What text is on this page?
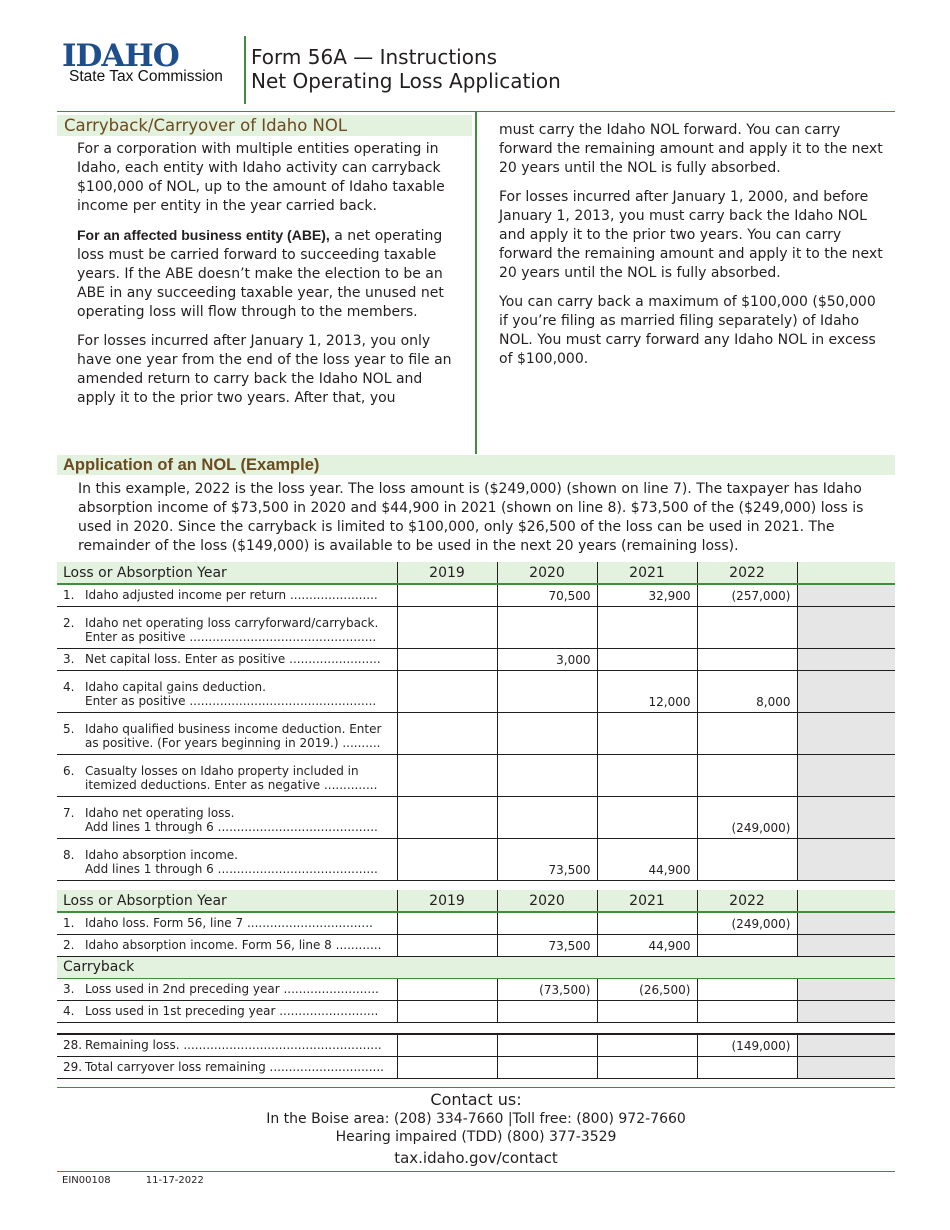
IDAHO
State Tax Commission
Form 56A — Instructions
Net Operating Loss Application
Carryback/Carryover of Idaho NOL

For a corporation with multiple entities operating in Idaho, each entity with Idaho activity can carryback $100,000 of NOL, up to the amount of Idaho taxable income per entity in the year carried back.

For an affected business entity (ABE), a net operating loss must be carried forward to succeeding taxable years. If the ABE doesn’t make the election to be an ABE in any succeeding taxable year, the unused net operating loss will flow through to the members.

For losses incurred after January 1, 2013, you only have one year from the end of the loss year to file an amended return to carry back the Idaho NOL and apply it to the prior two years. After that, you

must carry the Idaho NOL forward. You can carry forward the remaining amount and apply it to the next 20 years until the NOL is fully absorbed.

For losses incurred after January 1, 2000, and before January 1, 2013, you must carry back the Idaho NOL and apply it to the prior two years. You can carry forward the remaining amount and apply it to the next 20 years until the NOL is fully absorbed.

You can carry back a maximum of $100,000 ($50,000 if you’re filing as married filing separately) of Idaho NOL. You must carry forward any Idaho NOL in excess of $100,000.

Application of an NOL (Example)
In this example, 2022 is the loss year. The loss amount is ($249,000) (shown on line 7). The taxpayer has Idaho absorption income of $73,500 in 2020 and $44,900 in 2021 (shown on line 8). $73,500 of the ($249,000) loss is used in 2020. Since the carryback is limited to $100,000, only $26,500 of the loss can be used in 2021. The remainder of the loss ($149,000) is available to be used in the next 20 years (remaining loss).
Loss or Absorption Year	2019	2020	2021	2022	
1. Idaho adjusted income per return .......................		70,500	32,900	(257,000)	
2. Idaho net operating loss carryforward/carryback.
Enter as positive .................................................					

3. Net capital loss. Enter as positive ........................		3,000			
4. Idaho capital gains deduction.
Enter as positive .................................................			12,000	8,000	
5. Idaho qualified business income deduction. Enter
as positive. (For years beginning in 2019.) ..........					

6. Casualty losses on Idaho property included in
itemized deductions. Enter as negative ..............					

7. Idaho net operating loss.
Add lines 1 through 6 ..........................................				(249,000)	
8. Idaho absorption income.
Add lines 1 through 6 ..........................................		73,500	44,900		
Loss or Absorption Year	2019	2020	2021	2022	
1. Idaho loss. Form 56, line 7 .................................				(249,000)	
2. Idaho absorption income. Form 56, line 8 ............		73,500	44,900		
Carryback					
3. Loss used in 2nd preceding year .........................		(73,500)	(26,500)		
4. Loss used in 1st preceding year ..........................					

28. Remaining loss. ....................................................				(149,000)	
29. Total carryover loss remaining ..............................					
Contact us:
In the Boise area: (208) 334-7660 |Toll free: (800) 972-7660
Hearing impaired (TDD) (800) 377-3529
tax.idaho.gov/contact
EIN00108	11-17-2022
